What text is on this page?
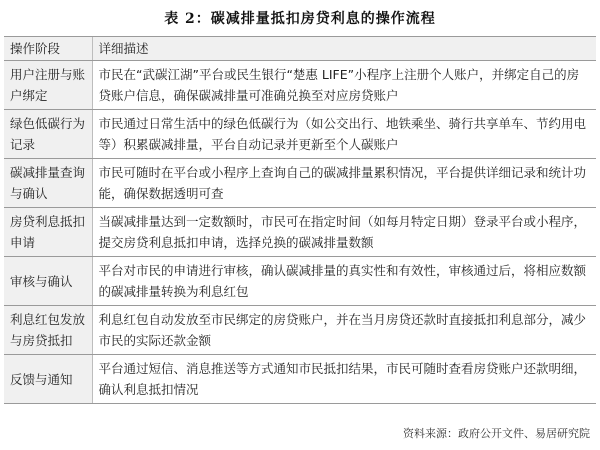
表 2：碳减排量抵扣房贷利息的操作流程
操作阶段	详细描述
用户注册与账户绑定	市民在“武碳江湖”平台或民生银行“楚惠 LIFE”小程序上注册个人账户，并绑定自己的房贷账户信息，确保碳减排量可准确兑换至对应房贷账户
绿色低碳行为记录	市民通过日常生活中的绿色低碳行为（如公交出行、地铁乘坐、骑行共享单车、节约用电等）积累碳减排量，平台自动记录并更新至个人碳账户
碳减排量查询与确认	市民可随时在平台或小程序上查询自己的碳减排量累积情况，平台提供详细记录和统计功能，确保数据透明可查
房贷利息抵扣申请	当碳减排量达到一定数额时，市民可在指定时间（如每月特定日期）登录平台或小程序，提交房贷利息抵扣申请，选择兑换的碳减排量数额
审核与确认	平台对市民的申请进行审核，确认碳减排量的真实性和有效性，审核通过后，将相应数额的碳减排量转换为利息红包
利息红包发放与房贷抵扣	利息红包自动发放至市民绑定的房贷账户，并在当月房贷还款时直接抵扣利息部分，减少市民的实际还款金额
反馈与通知	平台通过短信、消息推送等方式通知市民抵扣结果，市民可随时查看房贷账户还款明细，确认利息抵扣情况
资料来源：政府公开文件、易居研究院
